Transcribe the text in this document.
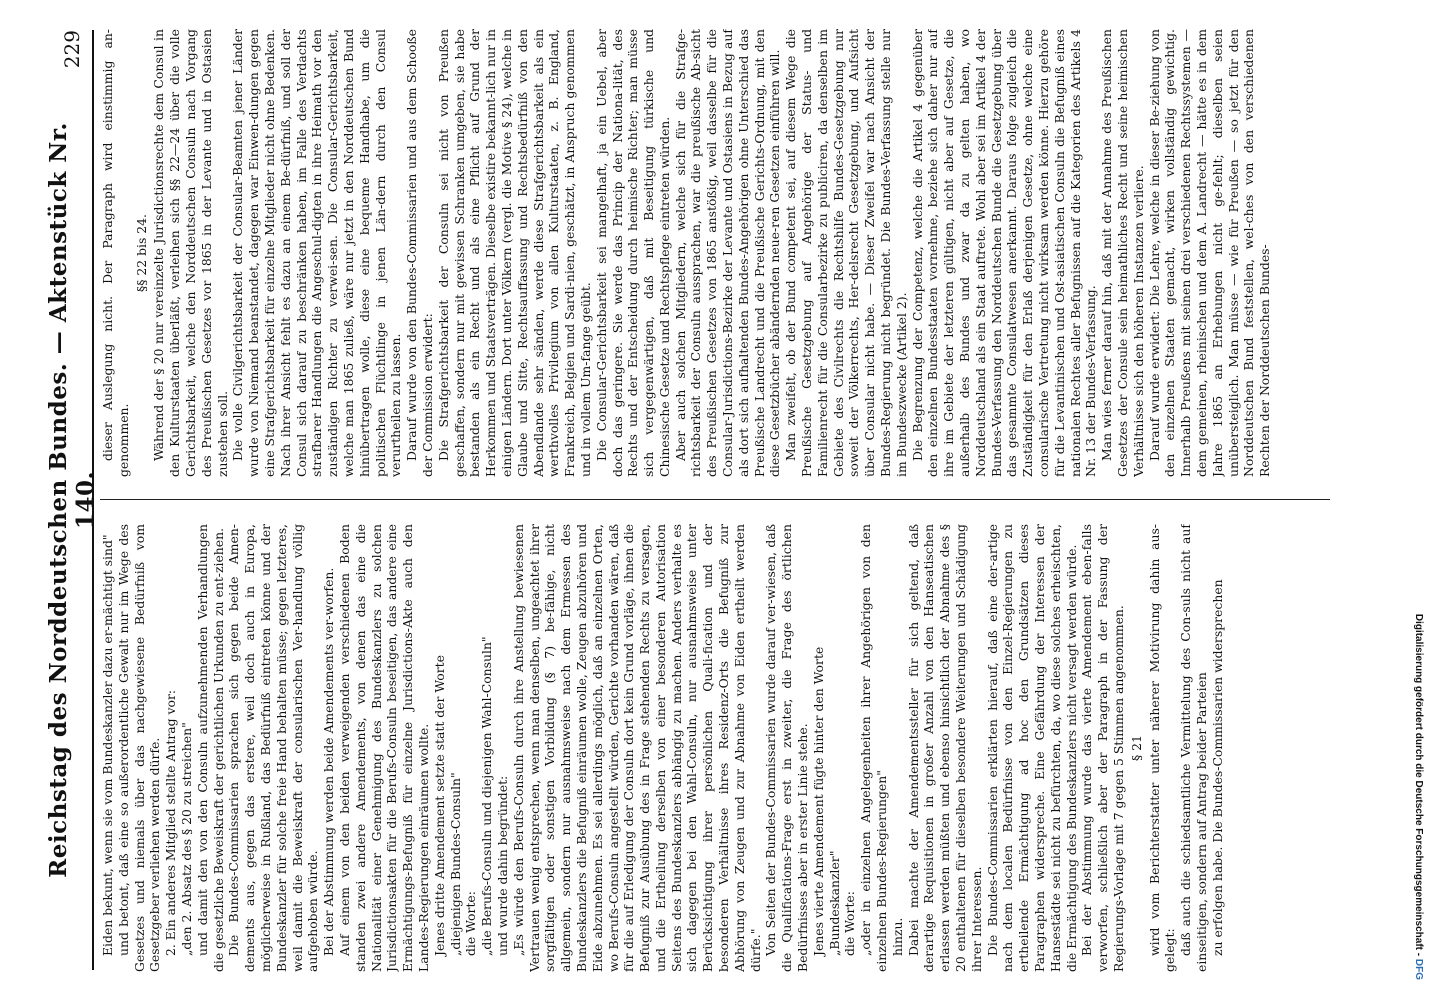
Reichstag des Norddeutschen Bundes. — Aktenstück Nr. 140.
229

Eiden bekunt, wenn sie vom Bundeskanzler dazu er-mächtigt sind" und betont, daß eine so außerordentliche Gewalt nur im Wege des Gesetzes und niemals über das nachgewiesene Bedürfniß vom Gesetzgeber verliehen werden dürfe. 2. Ein anderes Mitglied stellte Antrag vor: „den 2. Absatz des § 20 zu streichen" und damit den von den Consuln aufzunehmenden Verhandlungen die gesetzliche Beweiskraft der gerichtlichen Urkunden zu ent-ziehen. Die Bundes-Commissarien sprachen sich gegen beide Amen-dements aus, gegen das erstere, weil doch auch in Europa, möglicherweise in Rußland, das Bedürfniß eintreten könne und der Bundeskanzler für solche freie Hand behalten müsse; gegen letzteres, weil damit die Beweiskraft der consularischen Ver-handlung völlig aufgehoben würde. Bei der Abstimmung werden beide Amendements ver-worfen. Auf einem von den beiden verweigenden verschiedenen Boden standen zwei andere Amendements, von denen das eine die Nationalität einer Genehmigung des Bundeskanzlers zu solchen Jurisdictionsakten für die Berufs-Consuln beseitigen, das andere eine Ermächtigungs-Befugniß für einzelne Jurisdictions-Akte auch den Landes-Regierungen einräumen wollte. Jenes dritte Amendement setzte statt der Worte „diejenigen Bundes-Consuln" die Worte: „die Berufs-Consuln und diejenigen Wahl-Consuln" und wurde dahin begründet: „Es würde den Berufs-Consuln durch ihre Anstellung bewiesenen Vertrauen wenig entsprechen, wenn man denselben, ungeachtet ihrer sorgfältigen oder sonstigen Vorbildung (§ 7) be-fähige, nicht allgemein, sondern nur ausnahmsweise nach dem Ermessen des Bundeskanzlers die Befugniß einräumen wolle, Zeugen abzuhören und Eide abzunehmen. Es sei allerdings möglich, daß an einzelnen Orten, wo Berufs-Consuln angestellt würden, Gerichte vorhanden wären, daß für die auf Erledigung der Consuln dort kein Grund vorläge, ihnen die Befugniß zur Ausübung des in Frage stehenden Rechts zu versagen, und die Ertheilung derselben von einer besonderen Autorisation Seitens des Bundeskanzlers abhängig zu machen. Anders verhalte es sich dagegen bei den Wahl-Consuln, nur ausnahmsweise unter Berücksichtigung ihrer persönlichen Quali-fication und der besonderen Verhältnisse ihres Residenz-Orts die Befugniß zur Abhörung von Zeugen und zur Abnahme von Eiden ertheilt werden dürfe." Von Seiten der Bundes-Commissarien wurde darauf ver-wiesen, daß die Qualifications-Frage erst in zweiter, die Frage des örtlichen Bedürfnisses aber in erster Linie stehe. Jenes vierte Amendement fügte hinter den Worte „Bundeskanzler" die Worte: „oder in einzelnen Angelegenheiten ihrer Angehörigen von den einzelnen Bundes-Regierungen" hinzu. Dabei machte der Amendementssteller für sich geltend, daß derartige Requisitionen in großer Anzahl von den Hanseatischen erlassen werden müßten und ebenso hinsichtlich der Abnahme des § 20 enthaltenen für dieselben besondere Weiterungen und Schädigung ihrer Interessen. Die Bundes-Commissarien erklärten hierauf, daß eine der-artige nach dem localen Bedürfnisse von den Einzel-Regierungen zu ertheilende Ermächtigung ad hoc den Grundsätzen dieses Paragraphen widerspreche. Eine Gefährdung der Interessen der Hansestädte sei nicht zu befürchten, da, wo diese solches erheischten, die Ermächtigung des Bundeskanzlers nicht versagt werden würde. Bei der Abstimmung wurde das vierte Amendement eben-falls verworfen, schließlich aber der Paragraph in der Fassung der Regierungs-Vorlage mit 7 gegen 5 Stimmen angenommen. § 21 wird vom Berichterstatter unter näherer Motivirung dahin aus-gelegt: daß auch die schiedsamtliche Vermittelung des Con-suls nicht auf einseitigen, sondern auf Antrag beider Parteien zu erfolgen habe. Die Bundes-Commissarien widersprechen

dieser Auslegung nicht. Der Paragraph wird einstimmig an-genommen.

§§ 22 bis 24. Während der § 20 nur vereinzelte Jurisdictionsrechte dem Consul in den Kulturstaaten überläßt, verleihen sich §§ 22—24 über die volle Gerichtsbarkeit, welche den Norddeutschen Consuln nach Vorgang des Preußischen Gesetzes vor 1865 in der Levante und in Ostasien zustehen soll. Die volle Civilgerichtsbarkeit der Consular-Beamten jener Länder wurde von Niemand beanstandet, dagegen war Einwen-dungen gegen eine Strafgerichtsbarkeit für einzelne Mitglieder nicht ohne Bedenken. Nach ihrer Ansicht fehlt es dazu an einem Be-dürfniß, und soll der Consul sich darauf zu beschränken haben, im Falle des Verdachts strafbarer Handlungen die Angeschul-digten in ihre Heimath vor den zuständigen Richter zu verwei-sen. Die Consular-Gerichtsbarkeit, welche man 1865 zuließ, wäre nur jetzt in den Norddeutschen Bund hinübertragen wolle, diese eine bequeme Handhabe, um die politischen Flüchtlinge in jenen Län-dern durch den Consul verurtheilen zu lassen. Darauf wurde von den Bundes-Commissarien und aus dem Schooße der Commission erwidert: Die Strafgerichtsbarkeit der Consuln sei nicht von Preußen geschaffen, sondern nur mit gewissen Schranken umgeben, sie habe bestanden als ein Recht und als eine Pflicht auf Grund der Herkommen und Staatsverträgen. Dieselbe existire bekannt-lich nur in einigen Ländern. Dort unter Völkern (vergl. die Motive § 24), welche in Glaube und Sitte, Rechtsauffassung und Rechtsbedürfniß von den Abendlande sehr sänden, werde diese Strafgerichtsbarkeit als ein werthvolles Privilegium von allen Kulturstaaten, z. B. England, Frankreich, Belgien und Sardi-nien, geschätzt, in Anspruch genommen und in vollem Um-fange geübt. Die Consular-Gerichtsbarkeit sei mangelhaft, ja ein Uebel, aber doch das geringere. Sie werde das Princip der Nationa-lität, des Rechts und der Entscheidung durch heimische Richter; man müsse sich vergegenwärtigen, daß mit Beseitigung türkische und Chinesische Gesetze und Rechtspflege eintreten würden. Aber auch solchen Mitgliedern, welche sich für die Strafge-richtsbarkeit der Consuln aussprachen, war die preußische Ab-sicht des Preußischen Gesetzes von 1865 anstößig, weil dasselbe für die Consular-Jurisdictions-Bezirke der Levante und Ostasiens in Bezug auf als dort sich aufhaltenden Bundes-Angehörigen ohne Unterschied das Preußische Landrecht und die Preußische Gerichts-Ordnung, mit den diese Gesetzbücher abändernden neue-ren Gesetzen einführen will. Man zweifelt, ob der Bund competent sei, auf diesem Wege die Preußische Gesetzgebung auf Angehörige der Status- und Familienrecht für die Consularbezirke zu publiciren, da denselben im Gebiete des Civilrechts die Rechtshilfe Bundes-Gesetzgebung nur soweit der Völkerrechts, Her-delsrecht Gesetzgebung, und Aufsicht über Consular nicht habe. — Dieser Zweifel war nach Ansicht der Bundes-Regierung nicht begründet. Die Bundes-Verfassung stelle nur im Bundeszwecke (Artikel 2). Die Begrenzung der Competenz, welche die Artikel 4 gegenüber den einzelnen Bundesstaaten vornehme, beziehe sich daher nur auf ihre im Gebiete der letzteren gültigen, nicht aber auf Gesetze, die außerhalb des Bundes und zwar da zu gelten haben, wo Norddeutschland als ein Staat auftrete. Wohl aber sei im Artikel 4 der Bundes-Verfassung den Norddeutschen Bunde die Gesetzgebung über das gesammte Consulatwesen anerkannt. Daraus folge zugleich die Zuständigkeit für den Erlaß derjenigen Gesetze, ohne welche eine consularische Vertretung nicht wirksam werden könne. Hierzu gehöre für die Levantinischen und Ost-asiatischen Consuln die Befugniß eines nationalen Rechtes aller Befugnissen auf die Kategorien des Artikels 4 Nr. 13 der Bundes-Verfassung. Man wies ferner darauf hin, daß mit der Annahme des Preußischen Gesetzes der Consule sein heimathliches Recht und seine heimischen Verhältnisse sich den höheren Instanzen verliere. Darauf wurde erwidert: Die Lehre, welche in dieser Be-ziehung von den einzelnen Staaten gemacht, wirken vollständig gewichtig. Innerhalb Preußens mit seinen drei verschiedenen Rechtssystemen — dem gemeinen, rheinischen und dem A. Landrecht — hätte es in dem Jahre 1865 an Erhebungen nicht ge-fehlt; dieselben seien unübersteiglich. Man müsse — wie für Preußen — so jetzt für den Norddeutschen Bund feststellen, wel-ches von den verschiedenen Rechten der Norddeutschen Bundes-

Digitalisierung gefördert durch die Deutsche Forschungsgemeinschaft - DFG
